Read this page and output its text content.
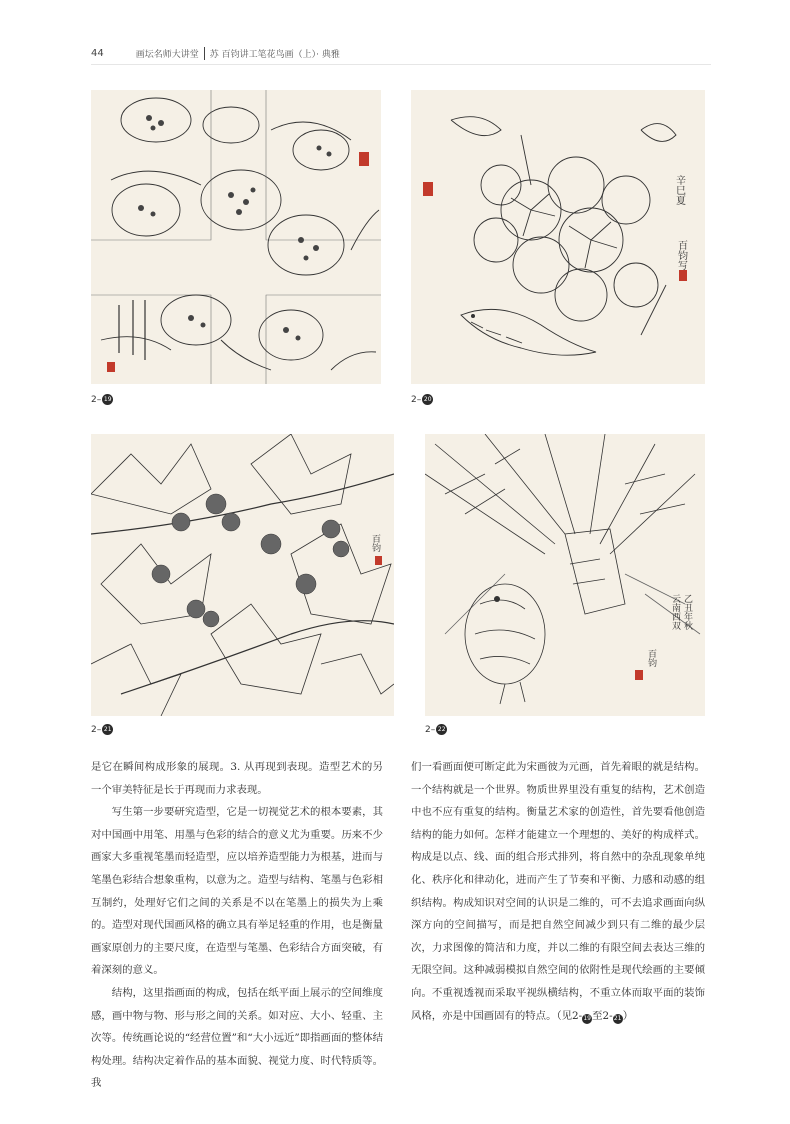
44	画坛名师大讲堂 苏 百钧讲工笔花鸟画（上）· 典雅
2– 19
辛巳夏
百钧写
2– 20
百钧
2– 21
乙丑年秋
云南西双
百钧
2– 22

是它在瞬间构成形象的展现。3. 从再现到表现。造型艺术的另一个审美特征是长于再现而力求表现。

写生第一步要研究造型，它是一切视觉艺术的根本要素，其对中国画中用笔、用墨与色彩的结合的意义尤为重要。历来不少画家大多重视笔墨而轻造型，应以培养造型能力为根基，进而与笔墨色彩结合想象重构，以意为之。造型与结构、笔墨与色彩相互制约，处理好它们之间的关系是不以在笔墨上的损失为上乘的。造型对现代国画风格的确立具有举足轻重的作用，也是衡量画家原创力的主要尺度，在造型与笔墨、色彩结合方面突破，有着深刻的意义。

结构，这里指画面的构成，包括在纸平面上展示的空间维度感，画中物与物、形与形之间的关系。如对应、大小、轻重、主次等。传统画论说的“经营位置”和“大小远近”即指画面的整体结构处理。结构决定着作品的基本面貌、视觉力度、时代特质等。我

们一看画面便可断定此为宋画彼为元画，首先着眼的就是结构。一个结构就是一个世界。物质世界里没有重复的结构，艺术创造中也不应有重复的结构。衡量艺术家的创造性，首先要看他创造结构的能力如何。怎样才能建立一个理想的、美好的构成样式。构成是以点、线、面的组合形式排列，将自然中的杂乱现象单纯化、秩序化和律动化，进而产生了节奏和平衡、力感和动感的组织结构。构成知识对空间的认识是二维的，可不去追求画面向纵深方向的空间描写，而是把自然空间减少到只有二维的最少层次，力求图像的简洁和力度，并以二维的有限空间去表达三维的无限空间。这种减弱模拟自然空间的依附性是现代绘画的主要倾向。不重视透视而采取平视纵横结构，不重立体而取平面的装饰风格，亦是中国画固有的特点。（见2-19至2-21）
